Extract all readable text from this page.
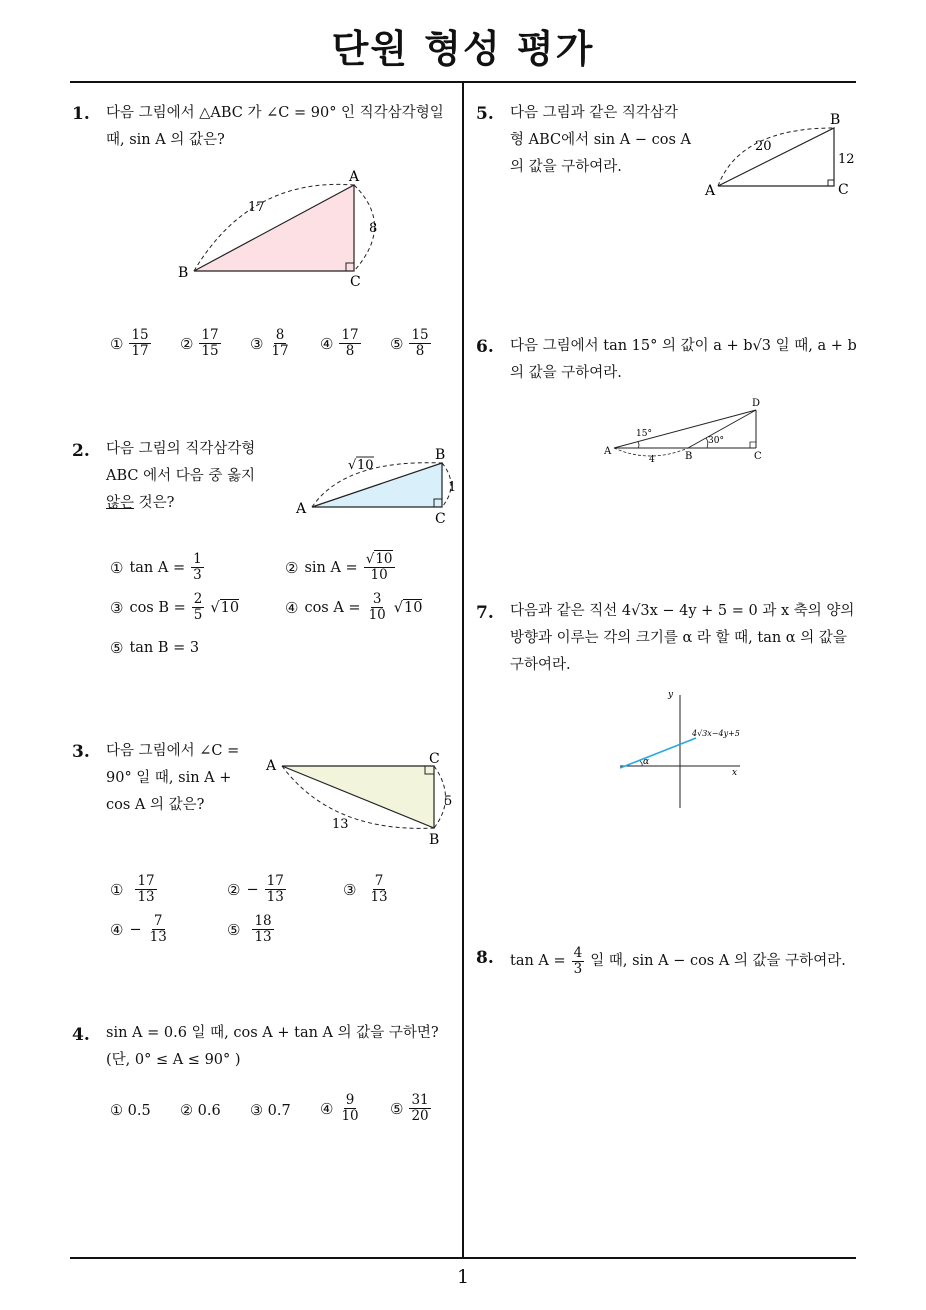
단원 형성 평가
1
1. 다음 그림에서 △ABC 가 ∠C = 90° 인 직각삼각형일
때, sin A 의 값은?
A
B
C
17
8
① $\frac{15}{17}$ ② $\frac{17}{15}$ ③ $\frac{8}{17}$ ④ $\frac{17}{8}$ ⑤ $\frac{15}{8}$
2. 다음 그림의 직각삼각형
ABC 에서 다음 중 옳지
않은 것은?	A
B
C
√ 10
1
① $\tan A = \frac{1}{3}$	② $\sin A = \frac{√10}{10}$
③ $\cos B = \frac{2}{5} √10$	④ $\cos A = \frac{3}{10} √10$
⑤ tan B = 3
3. 다음 그림에서 ∠C =
90° 일 때, sin A +
cos A 의 값은?
A	C
B
13
5
① $\frac{17}{13}$	② − $\frac{17}{13}$	③ $\frac{7}{13}$
④ − $\frac{7}{13}$	⑤ $\frac{18}{13}$
4. sin A = 0.6 일 때, cos A + tan A 의 값을 구하면?
(단, 0° ≤ A ≤ 90° )
① 0.5 ② 0.6 ③ 0.7 ④ $\frac{9}{10}$ ⑤ $\frac{31}{20}$
5. 다음 그림과 같은 직각삼각
형 ABC에서 sin A − cos A
의 값을 구하여라.
A
B
C
20
12
6. 다음 그림에서 tan 15° 의 값이 a + b√3 일 때, a + b
의 값을 구하여라.
A	B	C
D
15°
30°
4
7. 다음과 같은 직선 4√3x − 4y + 5 = 0 과 x 축의 양의
방향과 이루는 각의 크기를 α 라 할 때, tan α 의 값을
구하여라.
y
x
4√3x−4y+5
α
8. $\tan A = \frac{4}{3}$ 일 때, sin A − cos A 의 값을 구하여라.
